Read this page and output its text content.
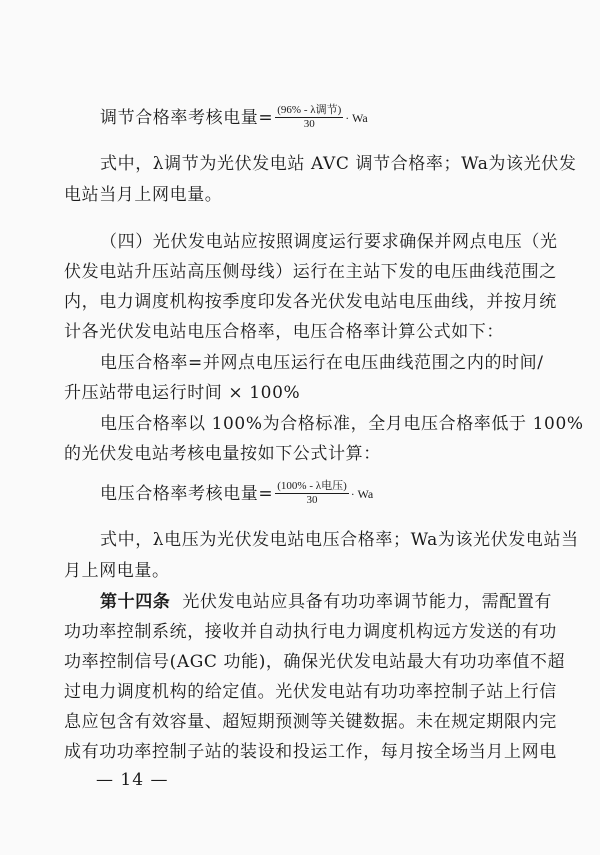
调节合格率考核电量= $\frac{\text{(96\% - λ调节)}}{30} \cdot Wa$
式中，λ调节为光伏发电站 AVC 调节合格率；Wa为该光伏发
电站当月上网电量。
（四）光伏发电站应按照调度运行要求确保并网点电压（光
伏发电站升压站高压侧母线）运行在主站下发的电压曲线范围之
内，电力调度机构按季度印发各光伏发电站电压曲线，并按月统
计各光伏发电站电压合格率，电压合格率计算公式如下：
电压合格率=并网点电压运行在电压曲线范围之内的时间/
升压站带电运行时间 × 100%
电压合格率以 100%为合格标准，全月电压合格率低于 100%
的光伏发电站考核电量按如下公式计算：
电压合格率考核电量= $\frac{\text{(100\% - λ电压)}}{30} \cdot Wa$
式中，λ电压为光伏发电站电压合格率；Wa为该光伏发电站当
月上网电量。
第十四条 光伏发电站应具备有功功率调节能力，需配置有
功功率控制系统，接收并自动执行电力调度机构远方发送的有功
功率控制信号(AGC 功能)，确保光伏发电站最大有功功率值不超
过电力调度机构的给定值。光伏发电站有功功率控制子站上行信
息应包含有效容量、超短期预测等关键数据。未在规定期限内完
成有功功率控制子站的装设和投运工作，每月按全场当月上网电
— 14 —
